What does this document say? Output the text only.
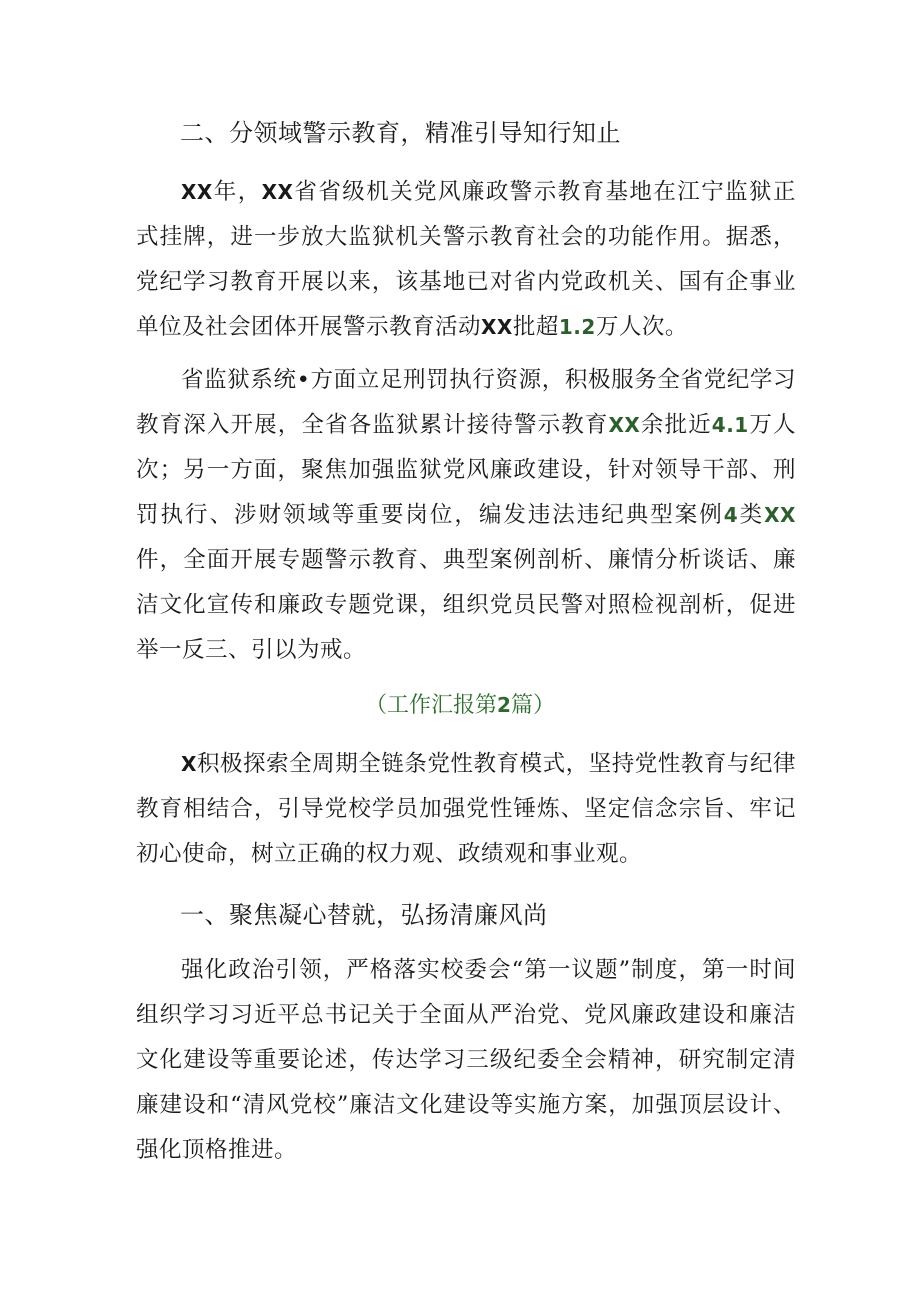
二、分领域警示教育，精准引导知行知止
XX年，XX省省级机关党风廉政警示教育基地在江宁监狱正式挂牌，进一步放大监狱机关警示教育社会的功能作用。据悉，党纪学习教育开展以来，该基地已对省内党政机关、国有企事业单位及社会团体开展警示教育活动XX批超1.2万人次。
省监狱系统•方面立足刑罚执行资源，积极服务全省党纪学习教育深入开展，全省各监狱累计接待警示教育XX余批近4.1万人次；另一方面，聚焦加强监狱党风廉政建设，针对领导干部、刑罚执行、涉财领域等重要岗位，编发违法违纪典型案例4类XX件，全面开展专题警示教育、典型案例剖析、廉情分析谈话、廉洁文化宣传和廉政专题党课，组织党员民警对照检视剖析，促进举一反三、引以为戒。
（工作汇报第2篇）
X积极探索全周期全链条党性教育模式，坚持党性教育与纪律教育相结合，引导党校学员加强党性锤炼、坚定信念宗旨、牢记初心使命，树立正确的权力观、政绩观和事业观。
一、聚焦凝心替就，弘扬清廉风尚
强化政治引领，严格落实校委会“第一议题”制度，第一时间组织学习习近平总书记关于全面从严治党、党风廉政建设和廉洁文化建设等重要论述，传达学习三级纪委全会精神，研究制定清廉建设和“清风党校”廉洁文化建设等实施方案，加强顶层设计、强化顶格推进。
